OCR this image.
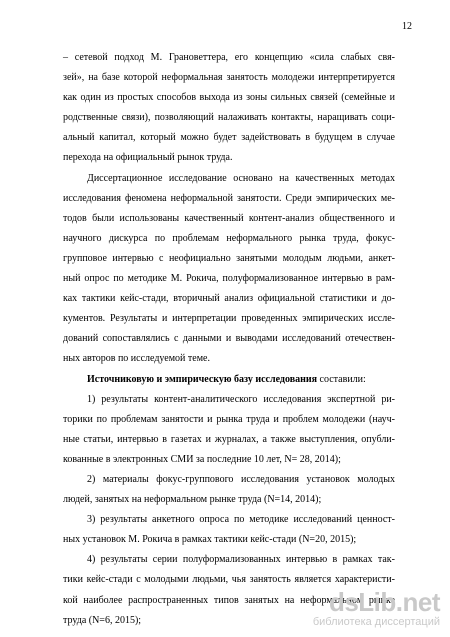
12
– сетевой подход М. Грановеттера, его концепцию «сила слабых свя-
зей», на базе которой неформальная занятость молодежи интерпретируется
как один из простых способов выхода из зоны сильных связей (семейные и
родственные связи), позволяющий налаживать контакты, наращивать соци-
альный капитал, который можно будет задействовать в будущем в случае
перехода на официальный рынок труда.
Диссертационное исследование основано на качественных методах
исследования феномена неформальной занятости. Среди эмпирических ме-
тодов были использованы качественный контент-анализ общественного и
научного дискурса по проблемам неформального рынка труда, фокус-
групповое интервью с неофициально занятыми молодым людьми, анкет-
ный опрос по методике М. Рокича, полуформализованное интервью в рам-
ках тактики кейс-стади, вторичный анализ официальной статистики и до-
кументов. Результаты и интерпретации проведенных эмпирических иссле-
дований сопоставлялись с данными и выводами исследований отечествен-
ных авторов по исследуемой теме.
Источниковую и эмпирическую базу исследования составили:
1) результаты контент-аналитического исследования экспертной ри-
торики по проблемам занятости и рынка труда и проблем молодежи (науч-
ные статьи, интервью в газетах и журналах, а также выступления, опубли-
кованные в электронных СМИ за последние 10 лет, N= 28, 2014);
2) материалы фокус-группового исследования установок молодых
людей, занятых на неформальном рынке труда (N=14, 2014);
3) результаты анкетного опроса по методике исследований ценност-
ных установок М. Рокича в рамках тактики кейс-стади (N=20, 2015);
4) результаты серии полуформализованных интервью в рамках так-
тики кейс-стади с молодыми людьми, чья занятость является характеристи-
кой наиболее распространенных типов занятых на неформальном рынке
труда (N=6, 2015);
dsLib.net
библиотека диссертаций
